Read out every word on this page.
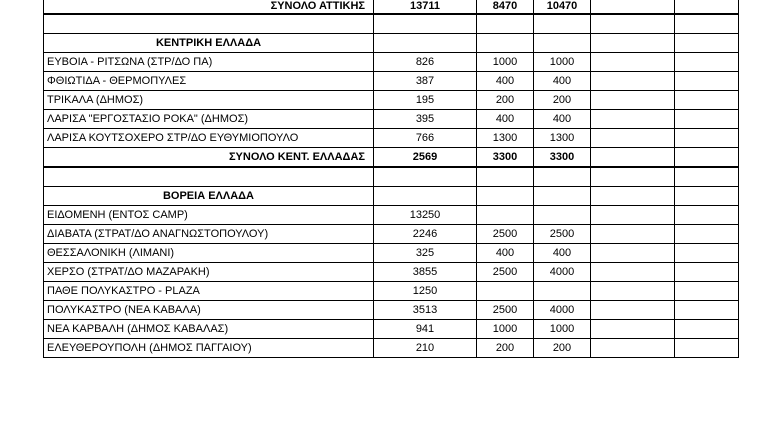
ΣΥΝΟΛΟ ΑΤΤΙΚΗΣ	13711	8470	10470		

ΚΕΝΤΡΙΚΗ ΕΛΛΑΔΑ					
ΕΥΒΟΙΑ - ΡΙΤΣΩΝΑ (ΣΤΡ/ΔΟ ΠΑ)	826	1000	1000		
ΦΘΙΩΤΙΔΑ - ΘΕΡΜΟΠΥΛΕΣ	387	400	400		
ΤΡΙΚΑΛΑ (ΔΗΜΟΣ)	195	200	200		
ΛΑΡΙΣΑ "ΕΡΓΟΣΤΑΣΙΟ ΡΟΚΑ" (ΔΗΜΟΣ)	395	400	400		
ΛΑΡΙΣΑ ΚΟΥΤΣΟΧΕΡΟ ΣΤΡ/ΔΟ ΕΥΘΥΜΙΟΠΟΥΛΟ	766	1300	1300		
ΣΥΝΟΛΟ ΚΕΝΤ. ΕΛΛΑΔΑΣ	2569	3300	3300		

ΒΟΡΕΙΑ ΕΛΛΑΔΑ					
ΕΙΔΟΜΕΝΗ (ΕΝΤΟΣ CAMP)	13250				
ΔΙΑΒΑΤΑ (ΣΤΡΑΤ/ΔΟ ΑΝΑΓΝΩΣΤΟΠΟΥΛΟΥ)	2246	2500	2500		
ΘΕΣΣΑΛΟΝΙΚΗ (ΛΙΜΑΝΙ)	325	400	400		
ΧΕΡΣΟ (ΣΤΡΑΤ/ΔΟ ΜΑΖΑΡΑΚΗ)	3855	2500	4000		
ΠΑΘΕ ΠΟΛΥΚΑΣΤΡΟ - PLAZA	1250				
ΠΟΛΥΚΑΣΤΡΟ (ΝΕΑ ΚΑΒΑΛΑ)	3513	2500	4000		
ΝΕΑ ΚΑΡΒΑΛΗ (ΔΗΜΟΣ ΚΑΒΑΛΑΣ)	941	1000	1000		
ΕΛΕΥΘΕΡΟΥΠΟΛΗ (ΔΗΜΟΣ ΠΑΓΓΑΙΟΥ)	210	200	200		
